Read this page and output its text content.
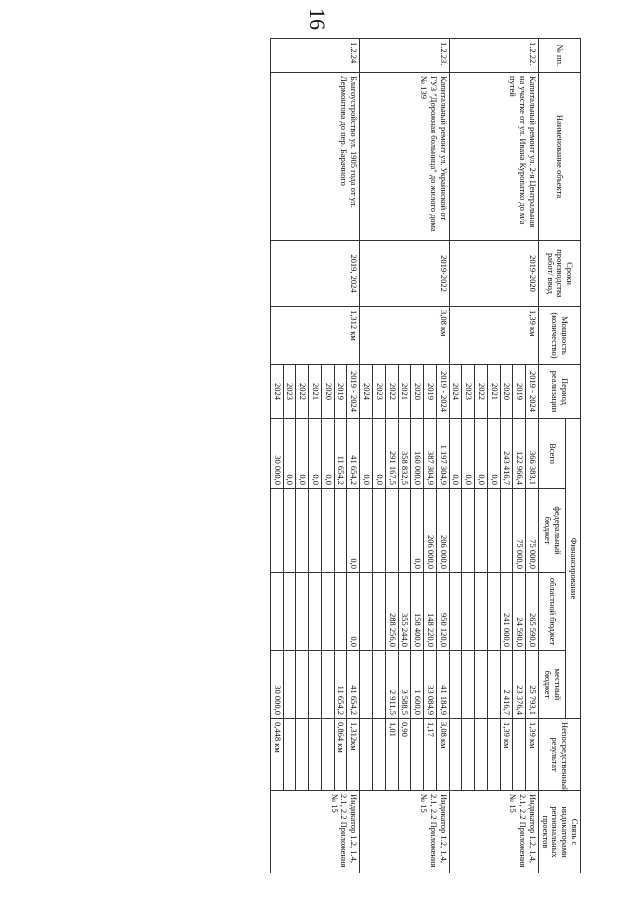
16
№ пп.	Наименование объекта	Сроки производства работ/ ввод	Мощность (количество)	Период реализации	Финансирование				Непосредственный результат	Связь с индикаторами региональных проектов
					Всего	федеральный бюджет	областной бюджет	местный бюджет		
1.2.22.	Капитальный ремонт ул. 2-я Центральная на участке от ул. Ивана Куропатко до м/а путей	2019-2020	1,39 км	2019 - 2024	366 383,1	75 000,0	265 590,0	25 793,1	1,39 км	Индикатор 1.2, 1.4, 2.1, 2.2 Приложения № 15
				2019	122 966,4	75 000,0	24 590,0	23 376,4		
				2020	243 416,7		241 000,0	2 416,7	1,39 км	
				2021	0,0					
				2022	0,0					
				2023	0,0					
				2024	0,0					
1.2.23.	Капитальный ремонт ул. Украинской от ГУЗ "Дорожная больница" до жилого дома № 139	2019-2022	3,08 км	2019 - 2024	1 197 304,9	206 000,0	950 120,0	41 184,9	3,08 км	Индикатор 1.2, 1.4, 2.1, 2.2 Приложения № 15
				2019	387 304,9	206 000,0	148 220,0	33 084,9	1,17	
				2020	160 000,0	0,0	158 400,0	1 600,0		
				2021	358 832,5		355 244,0	3 588,5	0,90	
				2022	291 167,5		288 256,0	2 911,5	1,01	
				2023	0,0					
				2024	0,0					
1.2.24	Благоустройство ул. 1905 года от ул. Лермонтова до пер. Барачного	2019, 2024	1,312 км	2019 - 2024	41 654,2	0,0	0,0	41 654,2	1,312км	Индикатор 1.2, 1.4, 2.1, 2.2 Приложения № 15
				2019	11 654,2			11 654,2	0,864 км	
				2020	0,0					
				2021	0,0					
				2022	0,0					
				2023	0,0					
				2024	30 000,0			30 000,0	0,448 км	
